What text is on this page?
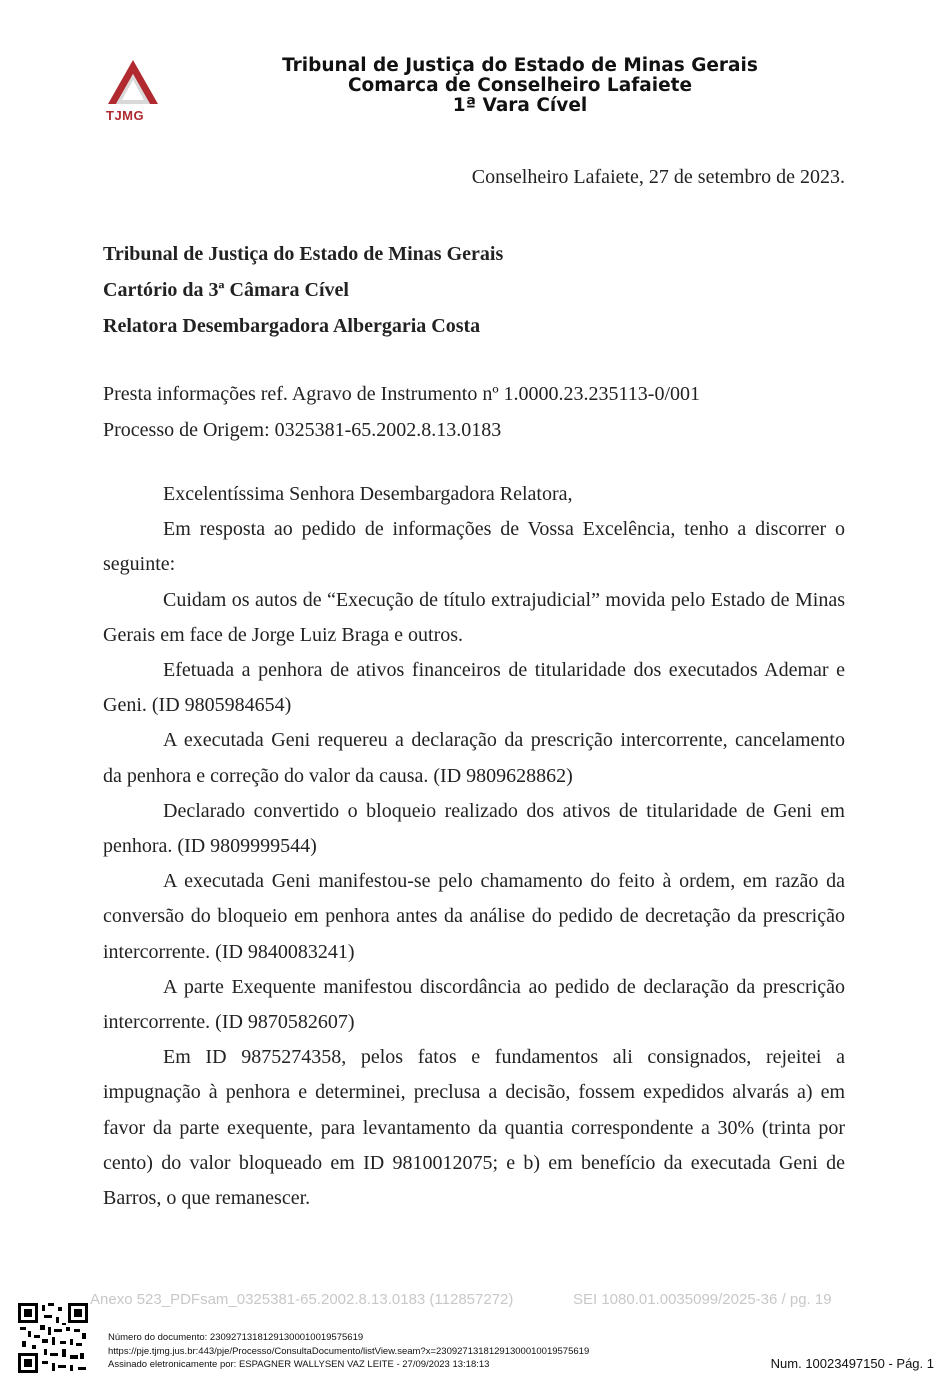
TJMG
Tribunal de Justiça do Estado de Minas Gerais
Comarca de Conselheiro Lafaiete
1ª Vara Cível
Conselheiro Lafaiete, 27 de setembro de 2023.
Tribunal de Justiça do Estado de Minas Gerais
Cartório da 3ª Câmara Cível
Relatora Desembargadora Albergaria Costa
Presta informações ref. Agravo de Instrumento nº 1.0000.23.235113-0/001
Processo de Origem: 0325381-65.2002.8.13.0183

Excelentíssima Senhora Desembargadora Relatora,

Em resposta ao pedido de informações de Vossa Excelência, tenho a discorrer o seguinte:

Cuidam os autos de “Execução de título extrajudicial” movida pelo Estado de Minas Gerais em face de Jorge Luiz Braga e outros.

Efetuada a penhora de ativos financeiros de titularidade dos executados Ademar e Geni. (ID 9805984654)

A executada Geni requereu a declaração da prescrição intercorrente, cancelamento da penhora e correção do valor da causa. (ID 9809628862)

Declarado convertido o bloqueio realizado dos ativos de titularidade de Geni em penhora. (ID 9809999544)

A executada Geni manifestou-se pelo chamamento do feito à ordem, em razão da conversão do bloqueio em penhora antes da análise do pedido de decretação da prescrição intercorrente. (ID 9840083241)

A parte Exequente manifestou discordância ao pedido de declaração da prescrição intercorrente. (ID 9870582607)

Em ID 9875274358, pelos fatos e fundamentos ali consignados, rejeitei a impugnação à penhora e determinei, preclusa a decisão, fossem expedidos alvarás a) em favor da parte exequente, para levantamento da quantia correspondente a 30% (trinta por cento) do valor bloqueado em ID 9810012075; e b) em benefício da executada Geni de Barros, o que remanescer.

Anexo 523_PDFsam_0325381-65.2002.8.13.0183 (112857272)	SEI 1080.01.0035099/2025-36 / pg. 19
Número do documento: 23092713181291300010019575619
https://pje.tjmg.jus.br:443/pje/Processo/ConsultaDocumento/listView.seam?x=23092713181291300010019575619
Assinado eletronicamente por: ESPAGNER WALLYSEN VAZ LEITE - 27/09/2023 13:18:13	Num. 10023497150 - Pág. 1
